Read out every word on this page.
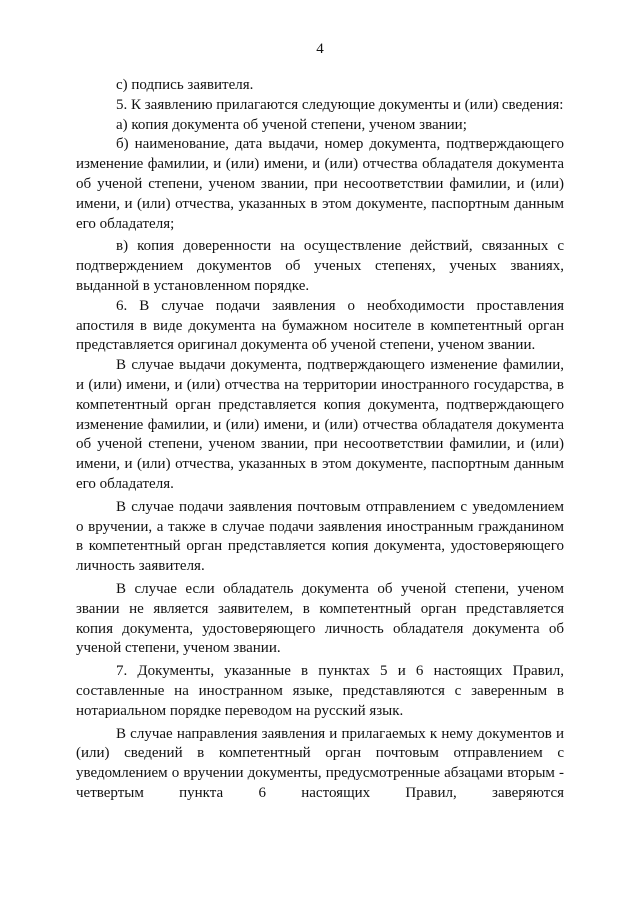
4

с) подпись заявителя.

5. К заявлению прилагаются следующие документы и (или) сведения:

а) копия документа об ученой степени, ученом звании;

б) наименование, дата выдачи, номер документа, подтверждающего изменение фамилии, и (или) имени, и (или) отчества обладателя документа об ученой степени, ученом звании, при несоответствии фамилии, и (или) имени, и (или) отчества, указанных в этом документе, паспортным данным его обладателя;

в) копия доверенности на осуществление действий, связанных с подтверждением документов об ученых степенях, ученых званиях, выданной в установленном порядке.

6. В случае подачи заявления о необходимости проставления апостиля в виде документа на бумажном носителе в компетентный орган представляется оригинал документа об ученой степени, ученом звании.

В случае выдачи документа, подтверждающего изменение фамилии, и (или) имени, и (или) отчества на территории иностранного государства, в компетентный орган представляется копия документа, подтверждающего изменение фамилии, и (или) имени, и (или) отчества обладателя документа об ученой степени, ученом звании, при несоответствии фамилии, и (или) имени, и (или) отчества, указанных в этом документе, паспортным данным его обладателя.

В случае подачи заявления почтовым отправлением с уведомлением о вручении, а также в случае подачи заявления иностранным гражданином в компетентный орган представляется копия документа, удостоверяющего личность заявителя.

В случае если обладатель документа об ученой степени, ученом звании не является заявителем, в компетентный орган представляется копия документа, удостоверяющего личность обладателя документа об ученой степени, ученом звании.

7. Документы, указанные в пунктах 5 и 6 настоящих Правил, составленные на иностранном языке, представляются с заверенным в нотариальном порядке переводом на русский язык.

В случае направления заявления и прилагаемых к нему документов и (или) сведений в компетентный орган почтовым отправлением с уведомлением о вручении документы, предусмотренные абзацами вторым - четвертым пункта 6 настоящих Правил, заверяются
